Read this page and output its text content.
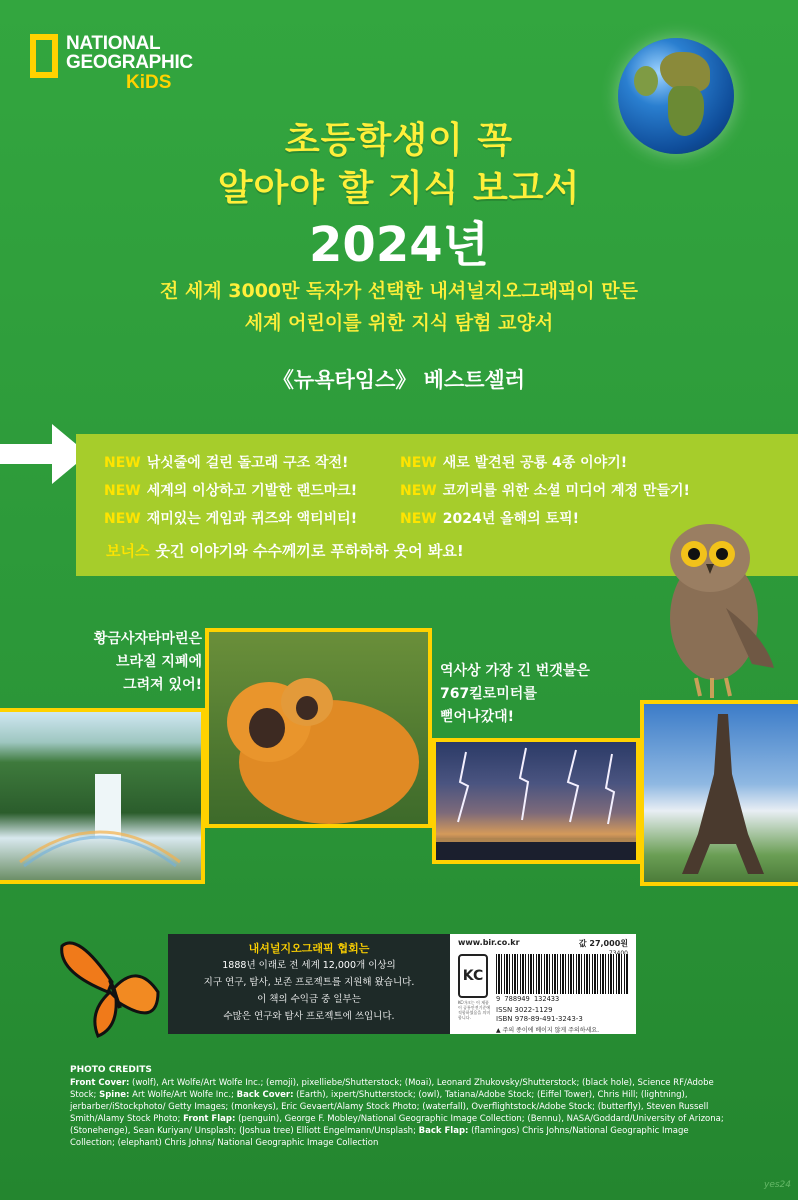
NATIONAL
GEOGRAPHIC
KiDS
초등학생이 꼭
알아야 할 지식 보고서
2024년
전 세계 3000만 독자가 선택한 내셔널지오그래픽이 만든
세계 어린이를 위한 지식 탐험 교양서
《뉴욕타임스》 베스트셀러
NEW 낚싯줄에 걸린 돌고래 구조 작전!
NEW 세계의 이상하고 기발한 랜드마크!
NEW 재미있는 게임과 퀴즈와 액티비티!
NEW 새로 발견된 공룡 4종 이야기!
NEW 코끼리를 위한 소셜 미디어 계정 만들기!
NEW 2024년 올해의 토픽!
보너스 웃긴 이야기와 수수께끼로 푸하하하 웃어 봐요!
황금사자타마린은
브라질 지폐에
그려져 있어!
역사상 가장 긴 번갯불은
767킬로미터를
뻗어나갔대!
내셔널지오그래픽 협회는
1888년 이래로 전 세계 12,000개 이상의
지구 연구, 탐사, 보존 프로젝트를 지원해 왔습니다.
이 책의 수익금 중 일부는
수많은 연구와 탐사 프로젝트에 쓰입니다.
www.bir.co.kr	값 27,000원
KC
9 788949 132433
KC마크는 이 제품이 공통안전기준에 적합하였음을 의미합니다.
ISSN 3022-1129
ISBN 978-89-491-3243-3
▲ 주의 종이에 베이지 않게 주의하세요.
PHOTO CREDITS
Front Cover: (wolf), Art Wolfe/Art Wolfe Inc.; (emoji), pixelliebe/Shutterstock; (Moai), Leonard Zhukovsky/Shutterstock; (black hole), Science RF/Adobe Stock; Spine: Art Wolfe/Art Wolfe Inc.; Back Cover: (Earth), ixpert/Shutterstock; (owl), Tatiana/Adobe Stock; (Eiffel Tower), Chris Hill; (lightning), jerbarber/iStockphoto/ Getty Images; (monkeys), Eric Gevaert/Alamy Stock Photo; (waterfall), Overflightstock/Adobe Stock; (butterfly), Steven Russell Smith/Alamy Stock Photo; Front Flap: (penguin), George F. Mobley/National Geographic Image Collection; (Bennu), NASA/Goddard/University of Arizona; (Stonehenge), Sean Kuriyan/ Unsplash; (Joshua tree) Elliott Engelmann/Unsplash; Back Flap: (flamingos) Chris Johns/National Geographic Image Collection; (elephant) Chris Johns/ National Geographic Image Collection
yes24
